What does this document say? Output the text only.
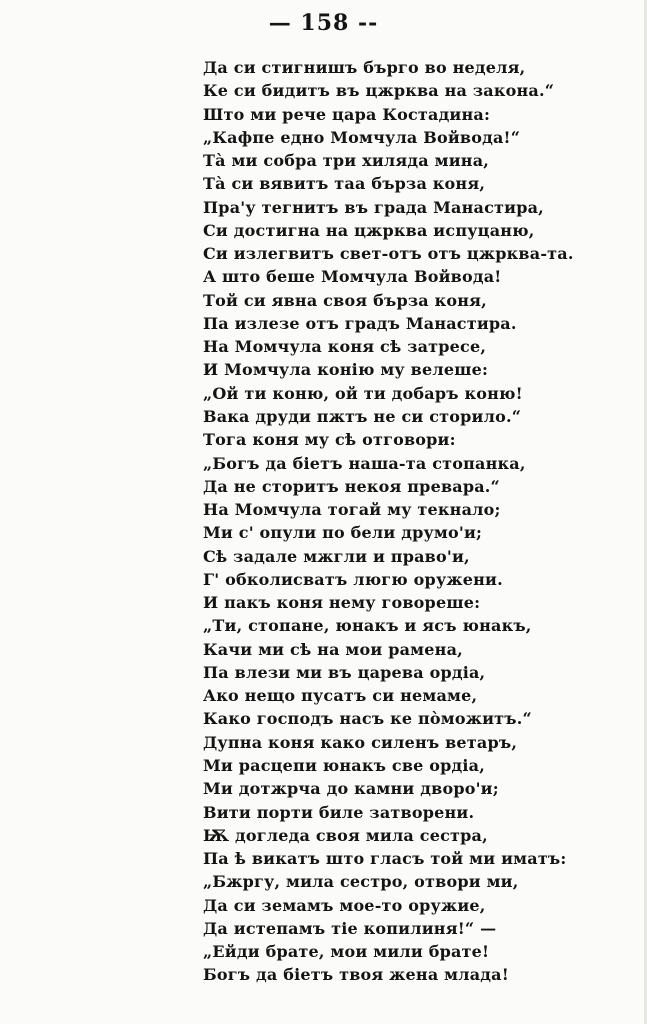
— 158 --
Да си стигнишъ бърго во неделя,
Ке си бидитъ въ цжрква на закона.“
Што ми рече цара Костадина:
„Кафпе едно Момчула Войвода!“
Тà ми собра три хиляда мина,
Тà си вявитъ таа бърза коня,
Пра'у тегнитъ въ града Манастира,
Си достигна на цжрква испуцаню,
Си излегвитъ свет-отъ отъ цжрква-та.
А што беше Момчула Войвода!
Той си явна своя бърза коня,
Па излезе отъ градъ Манастира.
На Момчула коня сѣ затресе,
И Момчула конію му велеше:
„Ой ти коню, ой ти добаръ коню!
Вака друди пжтъ не си сторило.“
Тога коня му сѣ отговори:
„Богъ да біетъ наша-та стопанка,
Да не сторитъ некоя превара.“
На Момчула тогай му текнало;
Ми с' опули по бели друмо'и;
Сѣ задале мжгли и право'и,
Г' обколисватъ люгю оружени.
И пакъ коня нему говореше:
„Ти, стопане, юнакъ и ясъ юнакъ,
Качи ми сѣ на мои рамена,
Па влези ми въ царева ордіа,
Ако нещо пусатъ си немаме,
Како господъ насъ ке пòможитъ.“
Дупна коня како силенъ ветаръ,
Ми расцепи юнакъ све ордіа,
Ми дотжрча до камни дворо'и;
Вити порти биле затворени.
Ѭ доглeда своя мила сестра,
Па ѣ викатъ што гласъ той ми иматъ:
„Бжргу, мила сестро, отвори ми,
Да си земамъ мое-то оружие,
Да истепамъ тіе копилиня!“ —
„Ейди брате, мои мили брате!
Богъ да біетъ твоя жена млада!
